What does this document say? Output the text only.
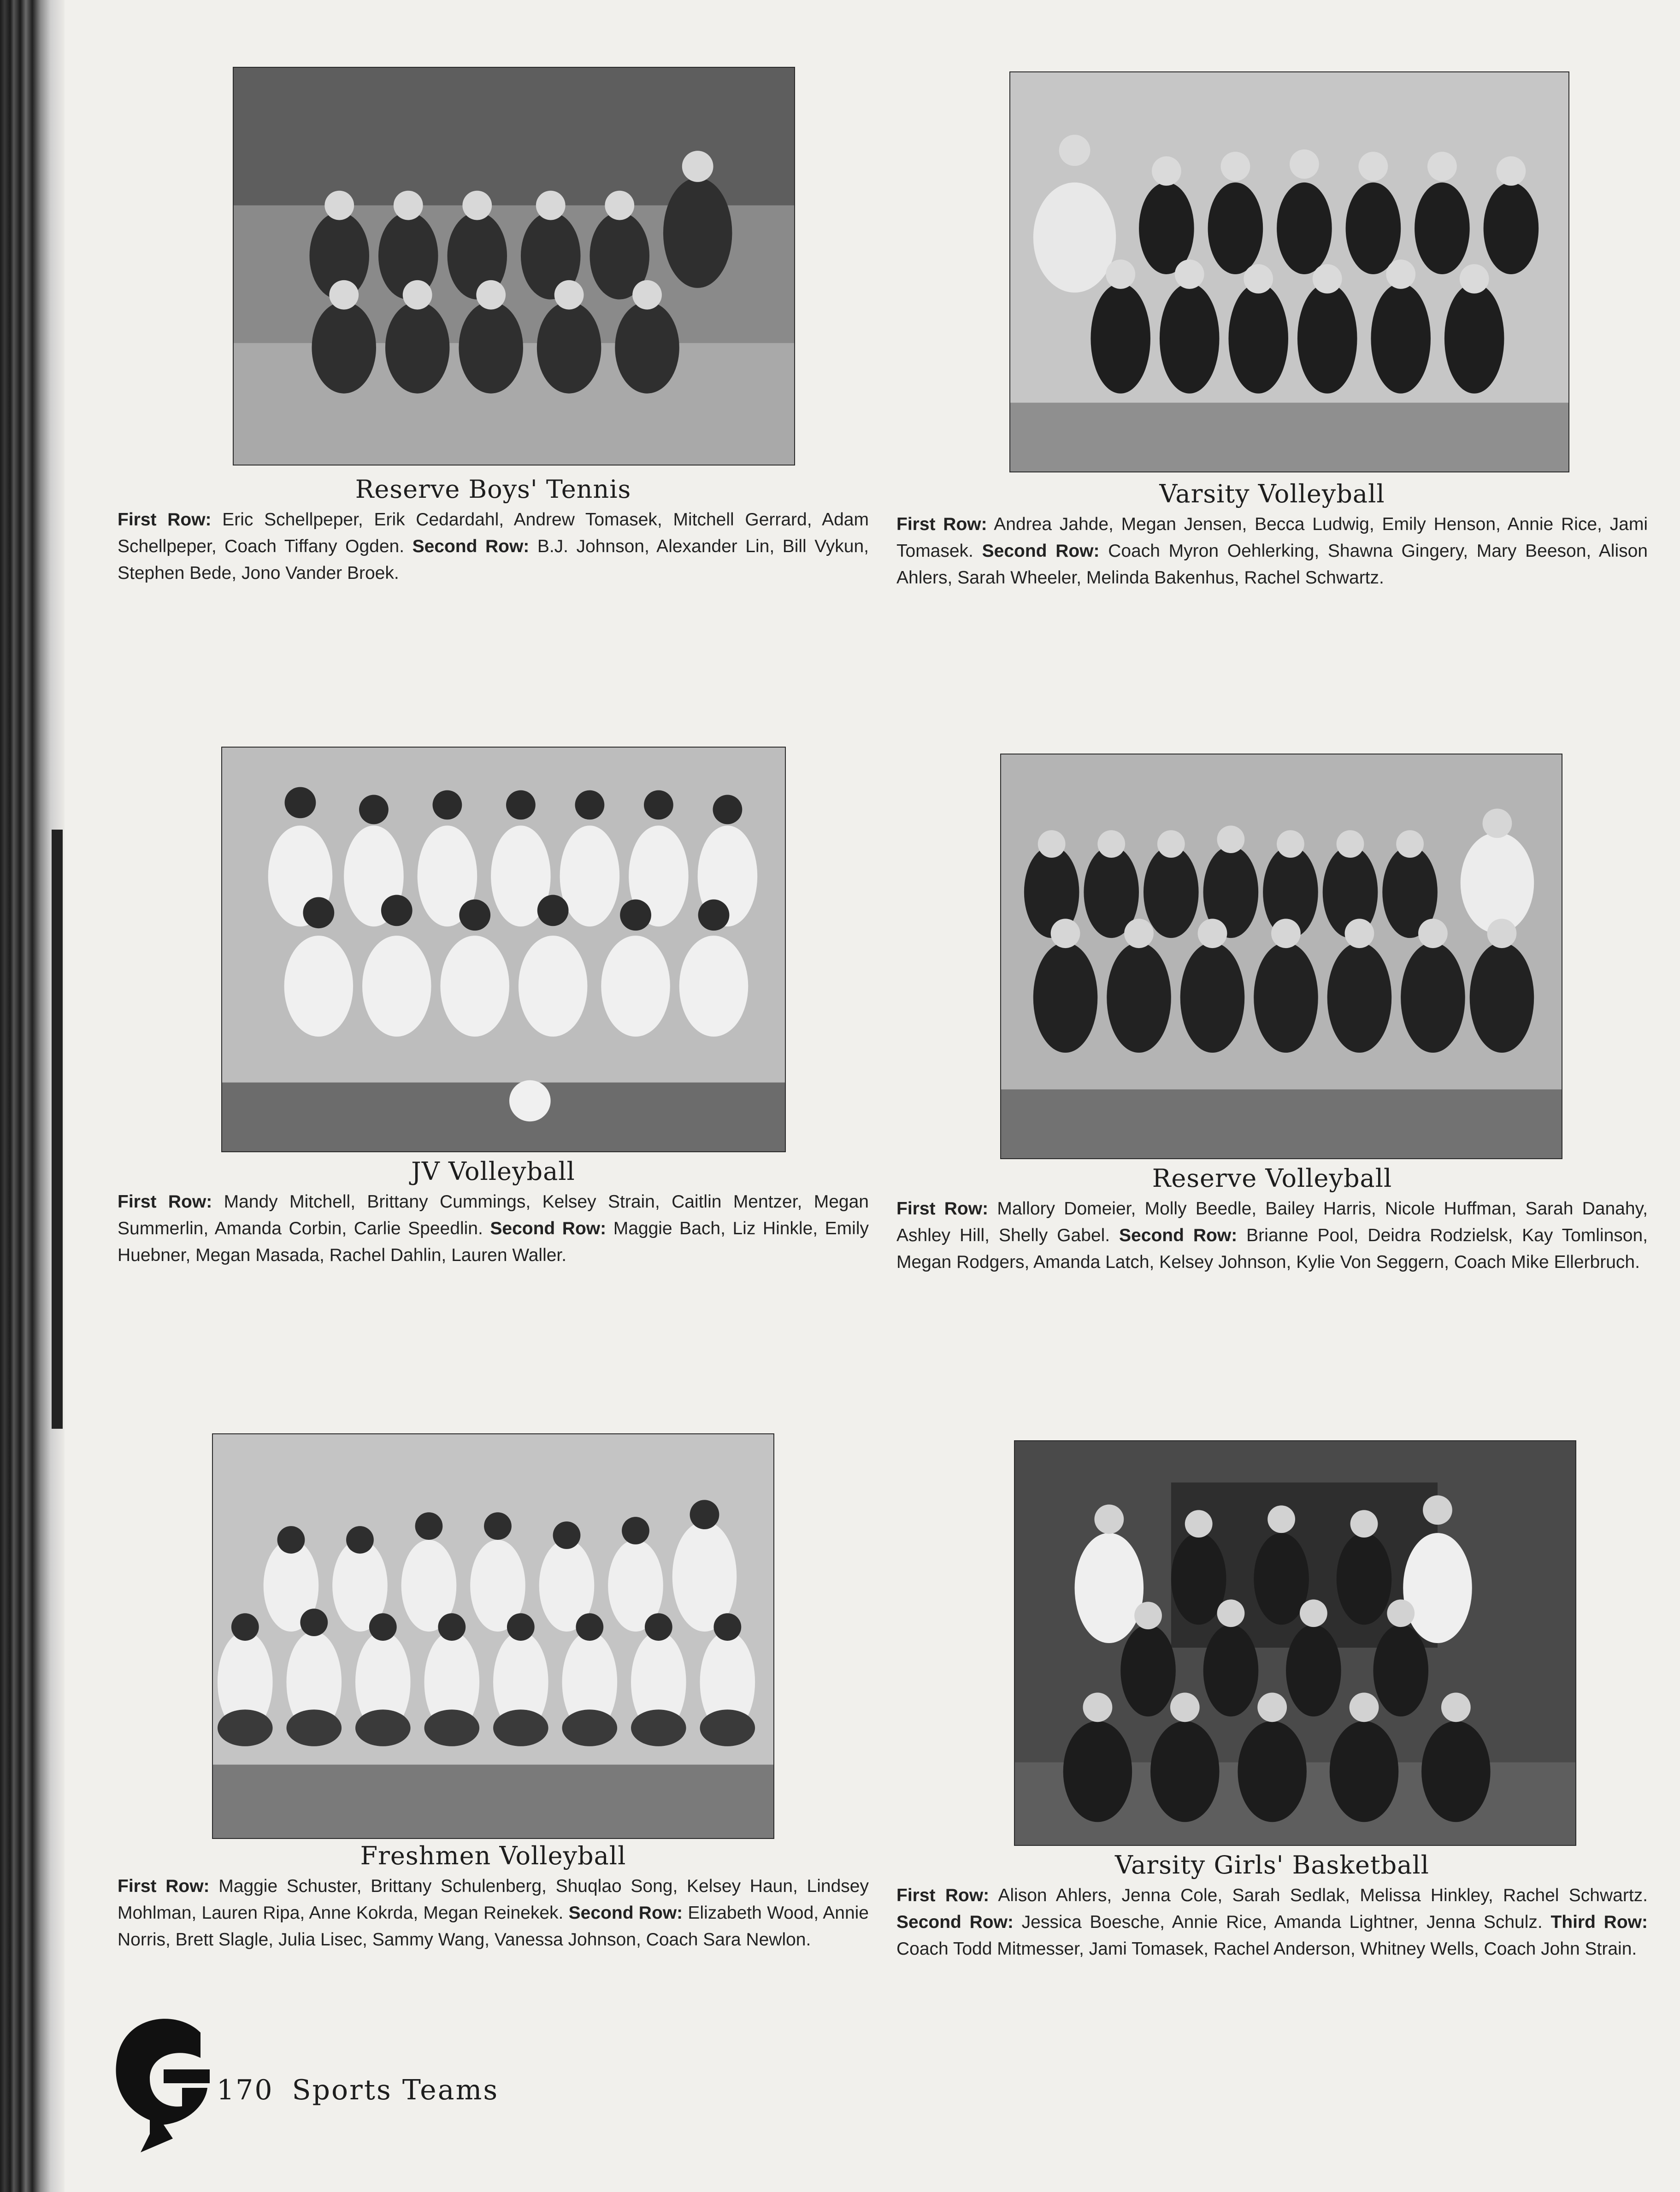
Reserve Boys' Tennis

First Row: Eric Schellpeper, Erik Cedardahl, Andrew Tomasek, Mitchell Gerrard, Adam Schellpeper, Coach Tiffany Ogden. Second Row: B.J. Johnson, Alexander Lin, Bill Vykun, Stephen Bede, Jono Vander Broek.

Varsity Volleyball

First Row: Andrea Jahde, Megan Jensen, Becca Ludwig, Emily Henson, Annie Rice, Jami Tomasek. Second Row: Coach Myron Oehlerking, Shawna Gingery, Mary Beeson, Alison Ahlers, Sarah Wheeler, Melinda Bakenhus, Rachel Schwartz.

JV Volleyball

First Row: Mandy Mitchell, Brittany Cummings, Kelsey Strain, Caitlin Mentzer, Megan Summerlin, Amanda Corbin, Carlie Speedlin. Second Row: Maggie Bach, Liz Hinkle, Emily Huebner, Megan Masada, Rachel Dahlin, Lauren Waller.

Reserve Volleyball

First Row: Mallory Domeier, Molly Beedle, Bailey Harris, Nicole Huffman, Sarah Danahy, Ashley Hill, Shelly Gabel. Second Row: Brianne Pool, Deidra Rodzielsk, Kay Tomlinson, Megan Rodgers, Amanda Latch, Kelsey Johnson, Kylie Von Seggern, Coach Mike Ellerbruch.

Freshmen Volleyball

First Row: Maggie Schuster, Brittany Schulenberg, Shuqlao Song, Kelsey Haun, Lindsey Mohlman, Lauren Ripa, Anne Kokrda, Megan Reinekek. Second Row: Elizabeth Wood, Annie Norris, Brett Slagle, Julia Lisec, Sammy Wang, Vanessa Johnson, Coach Sara Newlon.

Varsity Girls' Basketball

First Row: Alison Ahlers, Jenna Cole, Sarah Sedlak, Melissa Hinkley, Rachel Schwartz. Second Row: Jessica Boesche, Annie Rice, Amanda Lightner, Jenna Schulz. Third Row: Coach Todd Mitmesser, Jami Tomasek, Rachel Anderson, Whitney Wells, Coach John Strain.

170 Sports Teams
